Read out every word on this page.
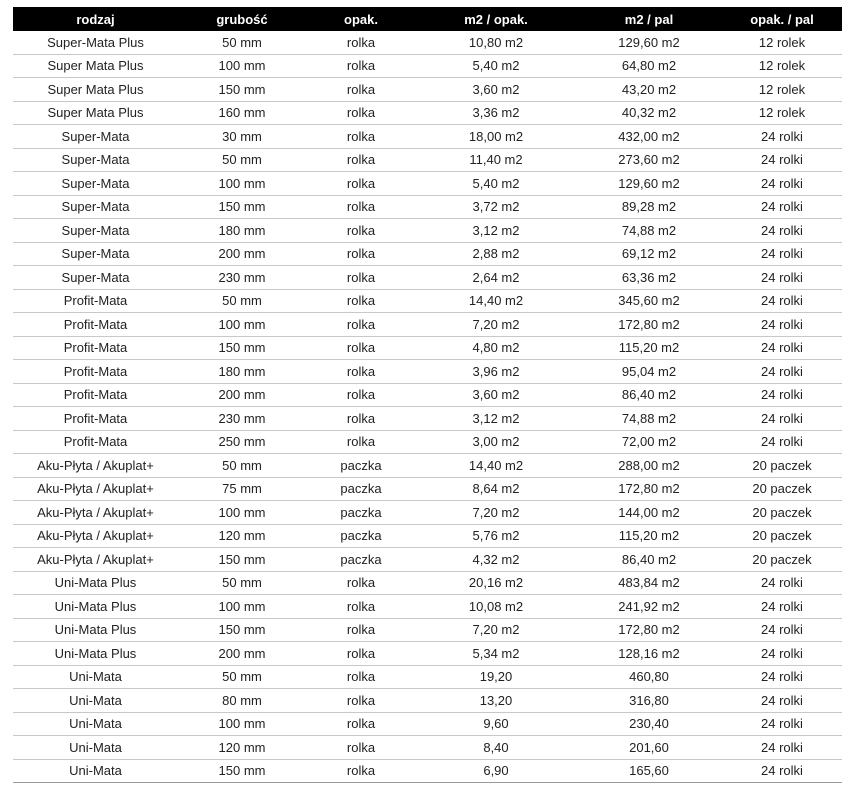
rodzaj	grubość	opak.	m2 / opak.	m2 / pal	opak. / pal
Super-Mata Plus	50 mm	rolka	10,80 m2	129,60 m2	12 rolek
Super Mata Plus	100 mm	rolka	5,40 m2	64,80 m2	12 rolek
Super Mata Plus	150 mm	rolka	3,60 m2	43,20 m2	12 rolek
Super Mata Plus	160 mm	rolka	3,36 m2	40,32 m2	12 rolek
Super-Mata	30 mm	rolka	18,00 m2	432,00 m2	24 rolki
Super-Mata	50 mm	rolka	11,40 m2	273,60 m2	24 rolki
Super-Mata	100 mm	rolka	5,40 m2	129,60 m2	24 rolki
Super-Mata	150 mm	rolka	3,72 m2	89,28 m2	24 rolki
Super-Mata	180 mm	rolka	3,12 m2	74,88 m2	24 rolki
Super-Mata	200 mm	rolka	2,88 m2	69,12 m2	24 rolki
Super-Mata	230 mm	rolka	2,64 m2	63,36 m2	24 rolki
Profit-Mata	50 mm	rolka	14,40 m2	345,60 m2	24 rolki
Profit-Mata	100 mm	rolka	7,20 m2	172,80 m2	24 rolki
Profit-Mata	150 mm	rolka	4,80 m2	115,20 m2	24 rolki
Profit-Mata	180 mm	rolka	3,96 m2	95,04 m2	24 rolki
Profit-Mata	200 mm	rolka	3,60 m2	86,40 m2	24 rolki
Profit-Mata	230 mm	rolka	3,12 m2	74,88 m2	24 rolki
Profit-Mata	250 mm	rolka	3,00 m2	72,00 m2	24 rolki
Aku-Płyta / Akuplat+	50 mm	paczka	14,40 m2	288,00 m2	20 paczek
Aku-Płyta / Akuplat+	75 mm	paczka	8,64 m2	172,80 m2	20 paczek
Aku-Płyta / Akuplat+	100 mm	paczka	7,20 m2	144,00 m2	20 paczek
Aku-Płyta / Akuplat+	120 mm	paczka	5,76 m2	115,20 m2	20 paczek
Aku-Płyta / Akuplat+	150 mm	paczka	4,32 m2	86,40 m2	20 paczek
Uni-Mata Plus	50 mm	rolka	20,16 m2	483,84 m2	24 rolki
Uni-Mata Plus	100 mm	rolka	10,08 m2	241,92 m2	24 rolki
Uni-Mata Plus	150 mm	rolka	7,20 m2	172,80 m2	24 rolki
Uni-Mata Plus	200 mm	rolka	5,34 m2	128,16 m2	24 rolki
Uni-Mata	50 mm	rolka	19,20	460,80	24 rolki
Uni-Mata	80 mm	rolka	13,20	316,80	24 rolki
Uni-Mata	100 mm	rolka	9,60	230,40	24 rolki
Uni-Mata	120 mm	rolka	8,40	201,60	24 rolki
Uni-Mata	150 mm	rolka	6,90	165,60	24 rolki
